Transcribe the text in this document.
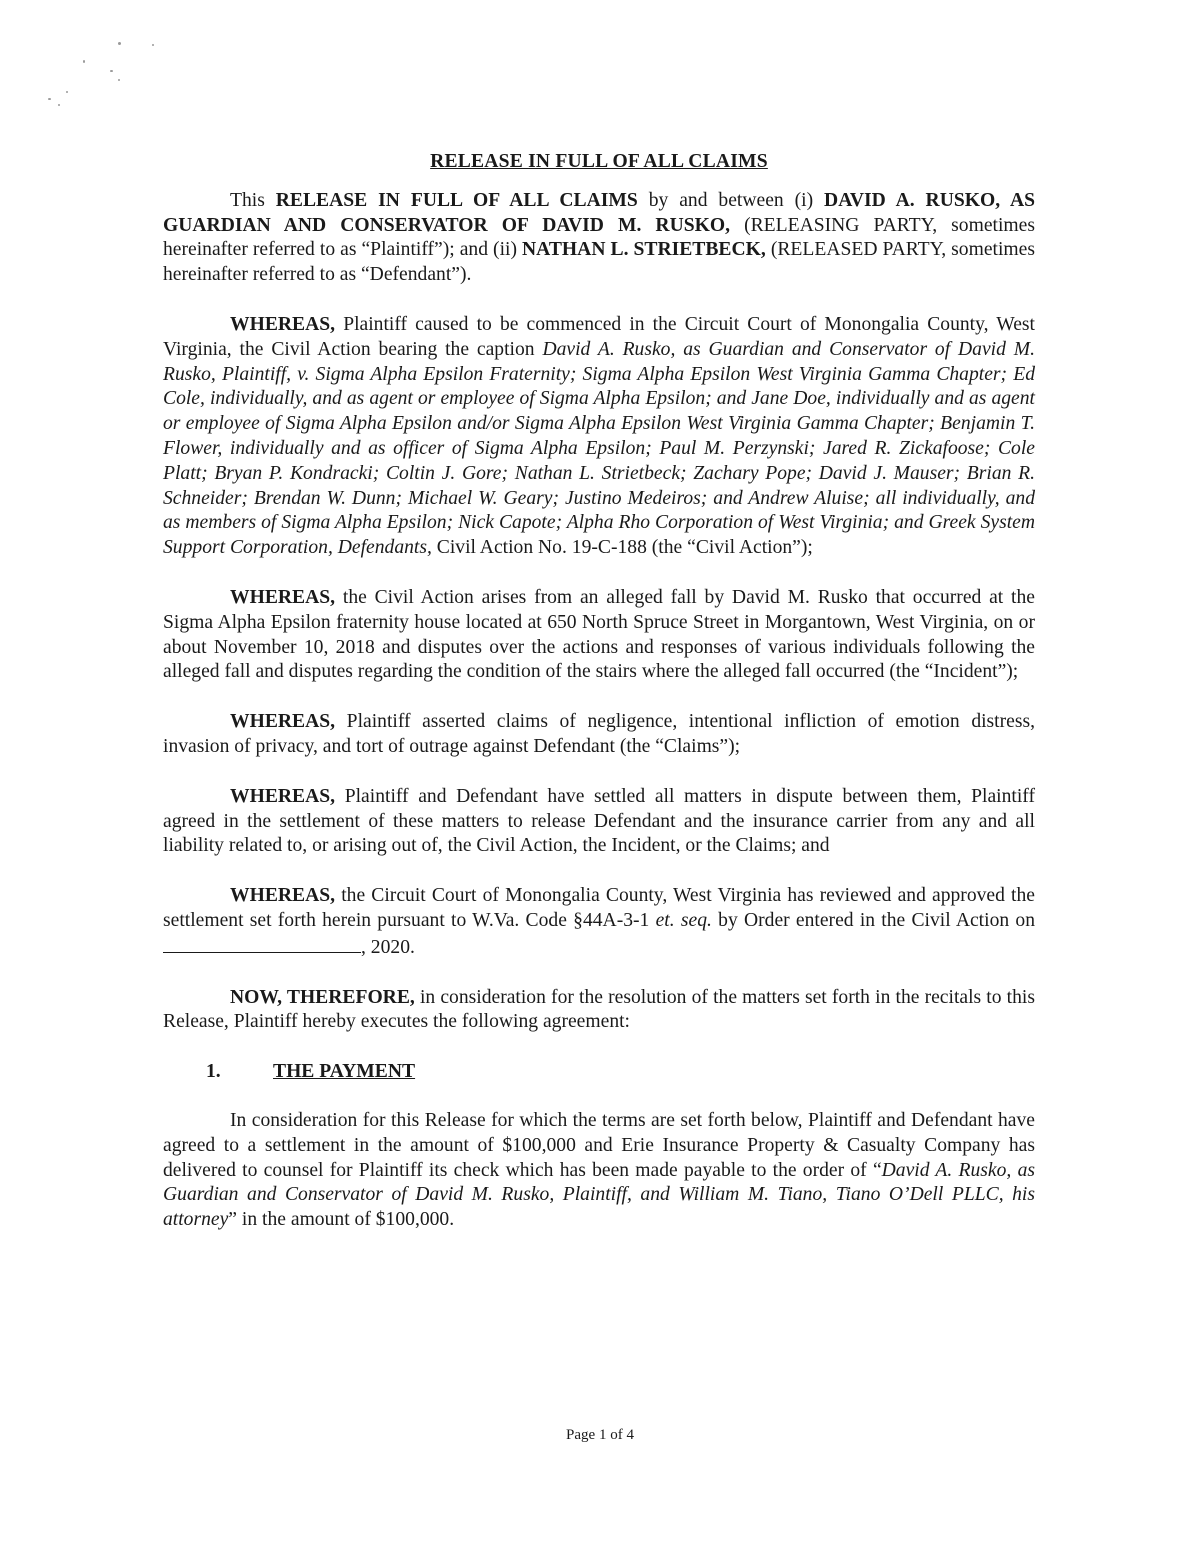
RELEASE IN FULL OF ALL CLAIMS

This RELEASE IN FULL OF ALL CLAIMS by and between (i) DAVID A. RUSKO, AS GUARDIAN AND CONSERVATOR OF DAVID M. RUSKO, (RELEASING PARTY, sometimes hereinafter referred to as “Plaintiff”); and (ii) NATHAN L. STRIETBECK, (RELEASED PARTY, sometimes hereinafter referred to as “Defendant”).

WHEREAS, Plaintiff caused to be commenced in the Circuit Court of Monongalia County, West Virginia, the Civil Action bearing the caption David A. Rusko, as Guardian and Conservator of David M. Rusko, Plaintiff, v. Sigma Alpha Epsilon Fraternity; Sigma Alpha Epsilon West Virginia Gamma Chapter; Ed Cole, individually, and as agent or employee of Sigma Alpha Epsilon; and Jane Doe, individually and as agent or employee of Sigma Alpha Epsilon and/or Sigma Alpha Epsilon West Virginia Gamma Chapter; Benjamin T. Flower, individually and as officer of Sigma Alpha Epsilon; Paul M. Perzynski; Jared R. Zickafoose; Cole Platt; Bryan P. Kondracki; Coltin J. Gore; Nathan L. Strietbeck; Zachary Pope; David J. Mauser; Brian R. Schneider; Brendan W. Dunn; Michael W. Geary; Justino Medeiros; and Andrew Aluise; all individually, and as members of Sigma Alpha Epsilon; Nick Capote; Alpha Rho Corporation of West Virginia; and Greek System Support Corporation, Defendants, Civil Action No. 19-C-188 (the “Civil Action”);

WHEREAS, the Civil Action arises from an alleged fall by David M. Rusko that occurred at the Sigma Alpha Epsilon fraternity house located at 650 North Spruce Street in Morgantown, West Virginia, on or about November 10, 2018 and disputes over the actions and responses of various individuals following the alleged fall and disputes regarding the condition of the stairs where the alleged fall occurred (the “Incident”);

WHEREAS, Plaintiff asserted claims of negligence, intentional infliction of emotion distress, invasion of privacy, and tort of outrage against Defendant (the “Claims”);

WHEREAS, Plaintiff and Defendant have settled all matters in dispute between them, Plaintiff agreed in the settlement of these matters to release Defendant and the insurance carrier from any and all liability related to, or arising out of, the Civil Action, the Incident, or the Claims; and

WHEREAS, the Circuit Court of Monongalia County, West Virginia has reviewed and approved the settlement set forth herein pursuant to W.Va. Code §44A-3-1 et. seq. by Order entered in the Civil Action on , 2020.

NOW, THEREFORE, in consideration for the resolution of the matters set forth in the recitals to this Release, Plaintiff hereby executes the following agreement:

1.	THE PAYMENT

In consideration for this Release for which the terms are set forth below, Plaintiff and Defendant have agreed to a settlement in the amount of $100,000 and Erie Insurance Property & Casualty Company has delivered to counsel for Plaintiff its check which has been made payable to the order of “David A. Rusko, as Guardian and Conservator of David M. Rusko, Plaintiff, and William M. Tiano, Tiano O’Dell PLLC, his attorney” in the amount of $100,000.

Page 1 of 4
